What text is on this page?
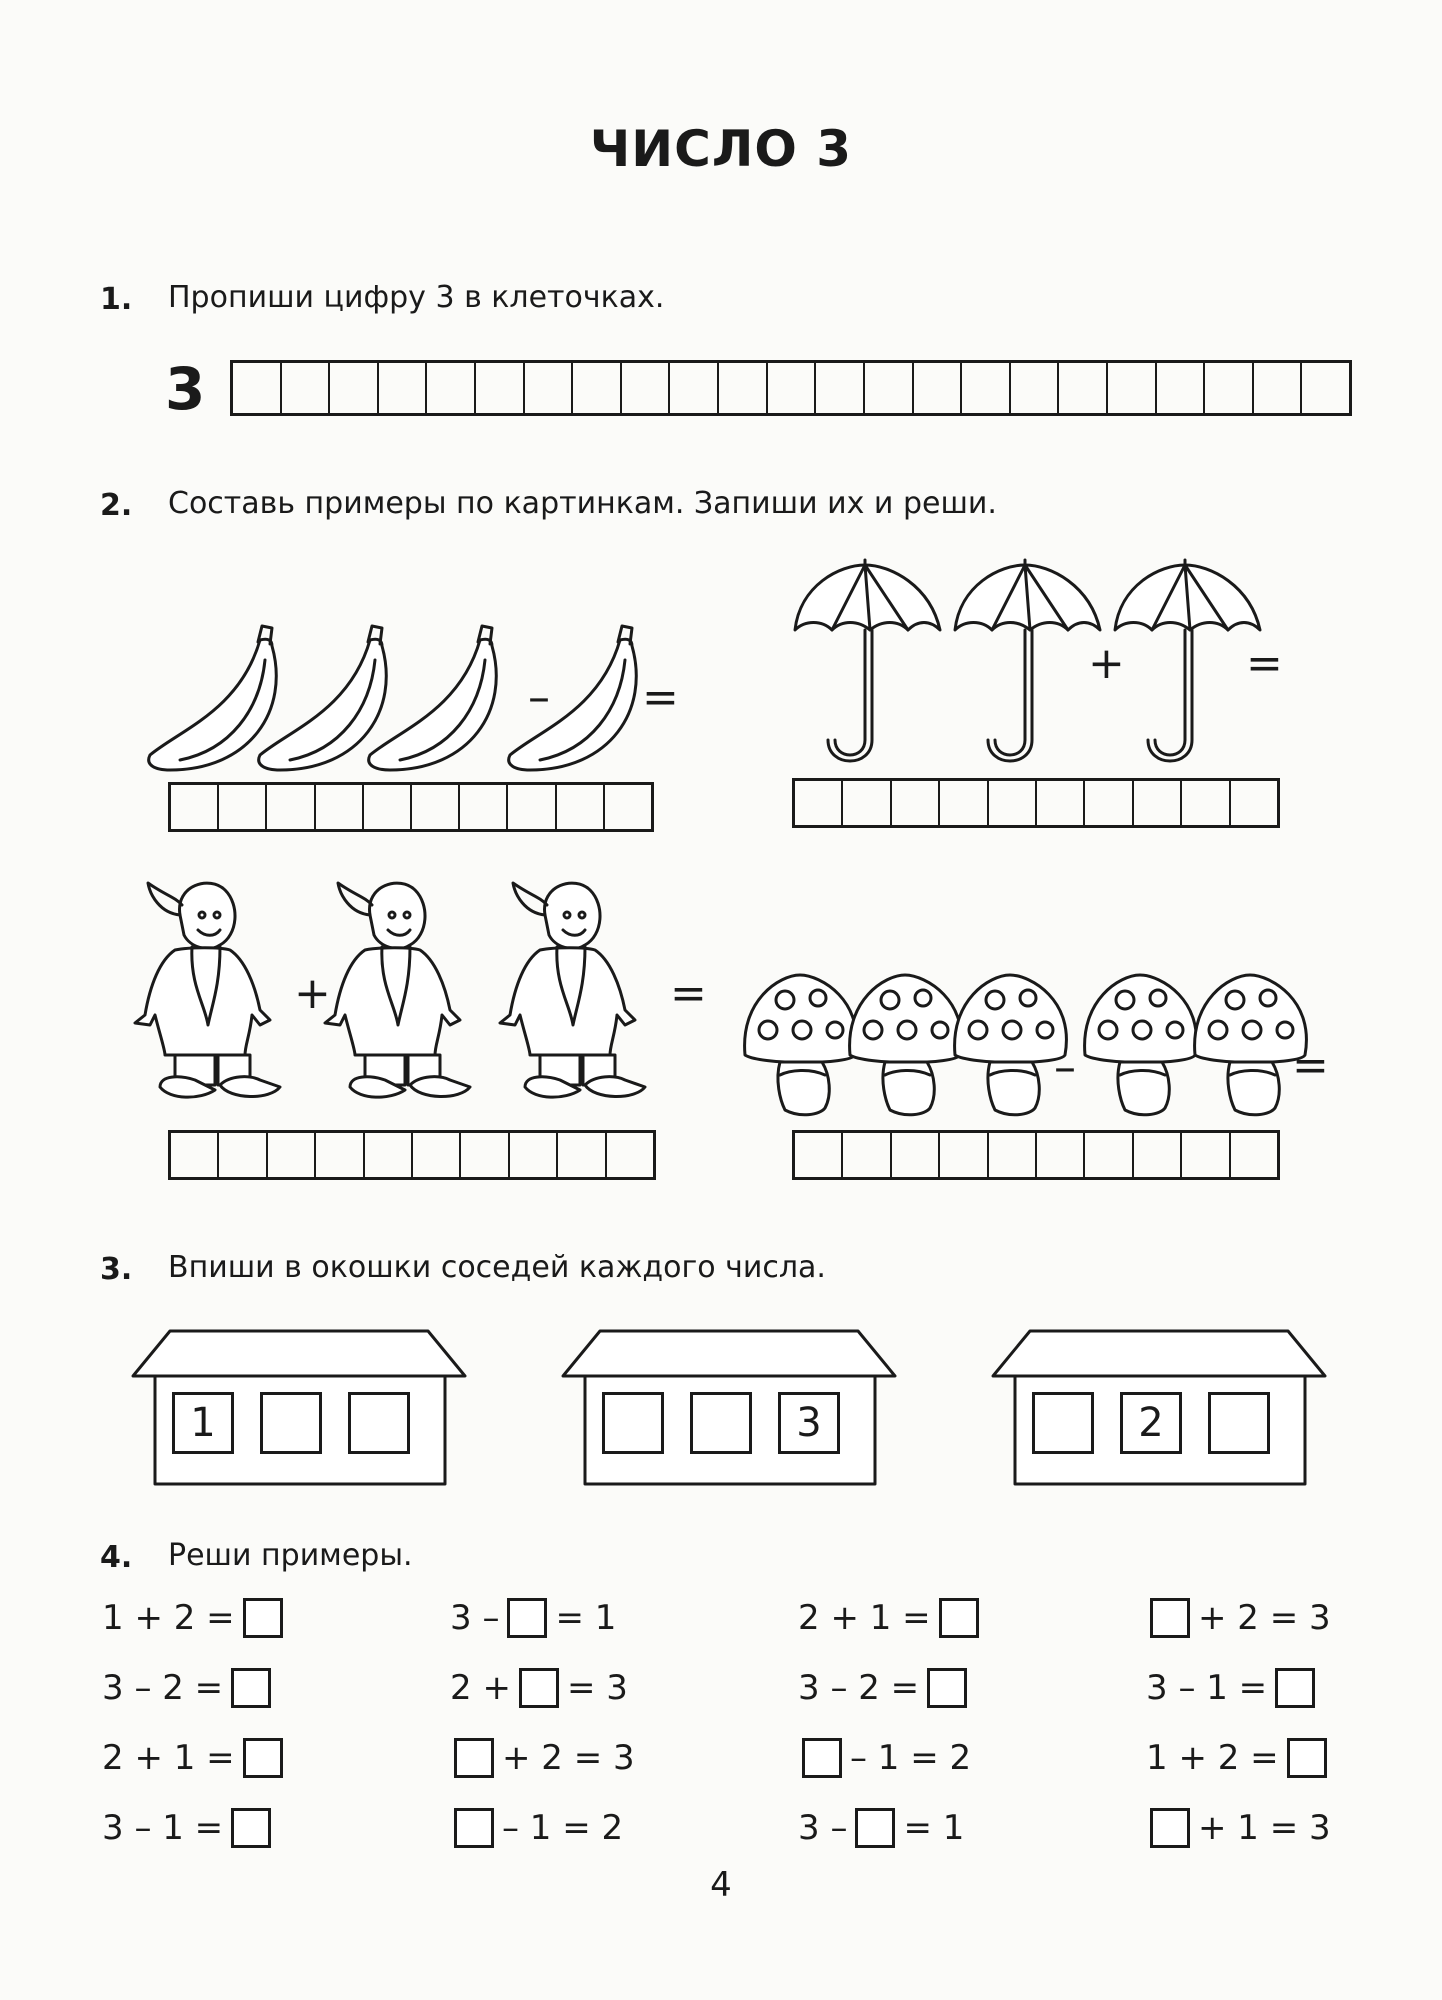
ЧИСЛО 3
1. Пропиши цифру 3 в клеточках.
3
2. Составь примеры по картинкам. Запиши их и реши.
– =
+	=
+	=
–	=
3. Впиши в окошки соседей каждого числа.
1	3	2
4. Реши примеры.
1 + 2 =
3 – 2 =
2 + 1 =
3 – 1 =
3 – = 1
2 + = 3
+ 2 = 3
– 1 = 2
2 + 1 =
3 – 2 =
– 1 = 2
3 – = 1
+ 2 = 3
3 – 1 =
1 + 2 =
+ 1 = 3
4
